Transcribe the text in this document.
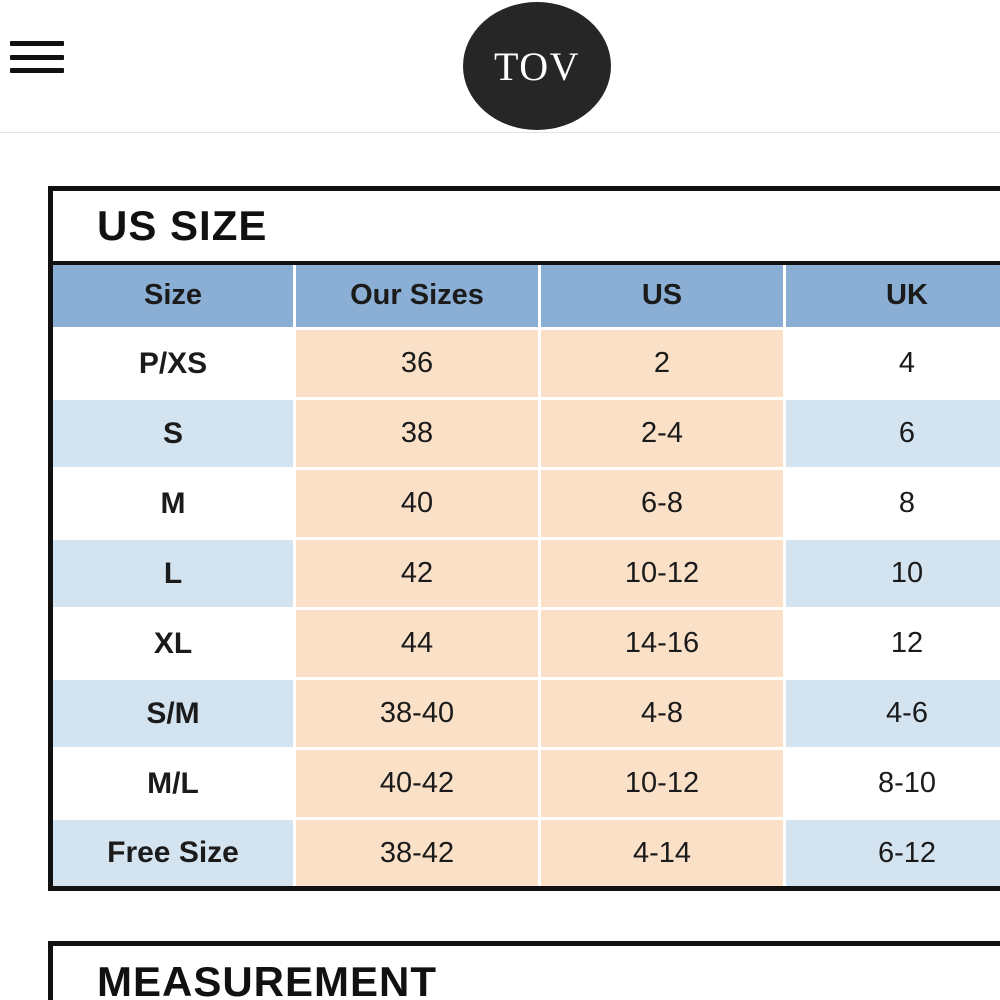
TOV
US SIZE				
Size	Our Sizes	US	UK	
P/XS	36	2	4	
S	38	2-4	6	
M	40	6-8	8	
L	42	10-12	10	
XL	44	14-16	12	
S/M	38-40	4-8	4-6	
M/L	40-42	10-12	8-10	
Free Size	38-42	4-14	6-12	
MEASUREMENT
